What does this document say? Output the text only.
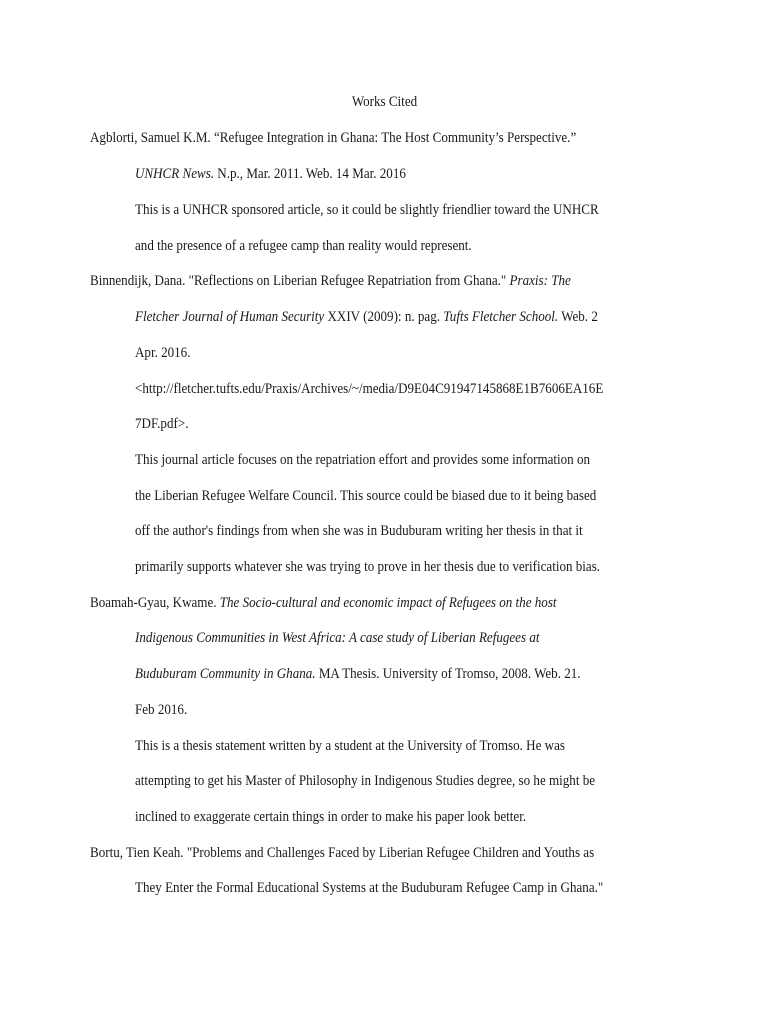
Works Cited
Agblorti, Samuel K.M. “Refugee Integration in Ghana: The Host Community’s Perspective.”
UNHCR News. N.p., Mar. 2011. Web. 14 Mar. 2016
This is a UNHCR sponsored article, so it could be slightly friendlier toward the UNHCR
and the presence of a refugee camp than reality would represent.
Binnendijk, Dana. "Reflections on Liberian Refugee Repatriation from Ghana." Praxis: The
Fletcher Journal of Human Security XXIV (2009): n. pag. Tufts Fletcher School. Web. 2
Apr. 2016.
<http://fletcher.tufts.edu/Praxis/Archives/~/media/D9E04C91947145868E1B7606EA16E
7DF.pdf>.
This journal article focuses on the repatriation effort and provides some information on
the Liberian Refugee Welfare Council. This source could be biased due to it being based
off the author's findings from when she was in Buduburam writing her thesis in that it
primarily supports whatever she was trying to prove in her thesis due to verification bias.
Boamah-Gyau, Kwame. The Socio-cultural and economic impact of Refugees on the host
Indigenous Communities in West Africa: A case study of Liberian Refugees at
Buduburam Community in Ghana. MA Thesis. University of Tromso, 2008. Web. 21.
Feb 2016.
This is a thesis statement written by a student at the University of Tromso. He was
attempting to get his Master of Philosophy in Indigenous Studies degree, so he might be
inclined to exaggerate certain things in order to make his paper look better.
Bortu, Tien Keah. "Problems and Challenges Faced by Liberian Refugee Children and Youths as
They Enter the Formal Educational Systems at the Buduburam Refugee Camp in Ghana."
